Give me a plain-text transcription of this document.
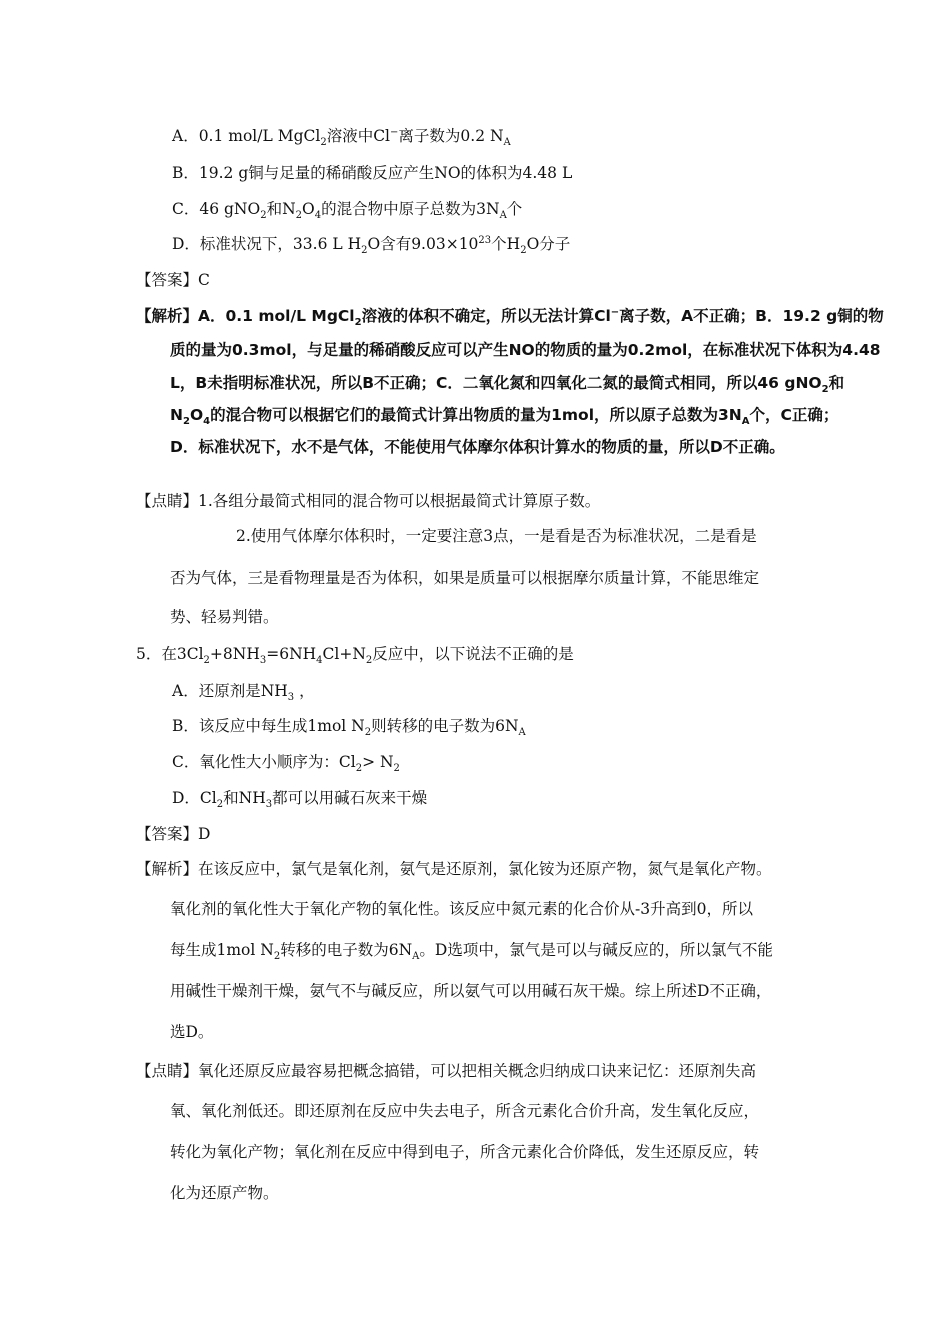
A．0.1 mol/L MgCl$_2$溶液中Cl−离子数为0.2 $N_A$
B．19.2 g铜与足量的稀硝酸反应产生NO的体积为4.48 L
C．46 gNO$_2$和$N_2O_4$的混合物中原子总数为$3N_A$个
D．标准状况下，33.6 L $H_2O$含有$9.03\times 10^{23}$个$H_2O$分子
【答案】C
【解析】A．0.1 mol/L MgCl$_2$溶液的体积不确定，所以无法计算Cl−离子数，A不正确；B．19.2 g铜的物
质的量为0.3mol，与足量的稀硝酸反应可以产生NO的物质的量为0.2mol，在标准状况下体积为4.48
L，B未指明标准状况，所以B不正确；C．二氧化氮和四氧化二氮的最简式相同，所以46 gNO$_2$和
$N_2O_4$的混合物可以根据它们的最简式计算出物质的量为1mol，所以原子总数为$3N_A$个，C正确；
D．标准状况下，水不是气体，不能使用气体摩尔体积计算水的物质的量，所以D不正确。
【点睛】1.各组分最简式相同的混合物可以根据最简式计算原子数。
2.使用气体摩尔体积时，一定要注意3点，一是看是否为标准状况，二是看是
否为气体，三是看物理量是否为体积，如果是质量可以根据摩尔质量计算，不能思维定
势、轻易判错。
5．在$3Cl_2+8NH_3=6NH_4Cl+N_2$反应中，以下说法不正确的是
A．还原剂是$NH_3$ ，
B．该反应中每生成1mol $N_2$则转移的电子数为$6N_A$
C．氧化性大小顺序为：$Cl_2> N_2$
D．$Cl_2$和$NH_3$都可以用碱石灰来干燥
【答案】D
【解析】在该反应中，氯气是氧化剂，氨气是还原剂，氯化铵为还原产物，氮气是氧化产物。
氧化剂的氧化性大于氧化产物的氧化性。该反应中氮元素的化合价从-3升高到0，所以
每生成1mol $N_2$转移的电子数为$6N_A$。D选项中，氯气是可以与碱反应的，所以氯气不能
用碱性干燥剂干燥，氨气不与碱反应，所以氨气可以用碱石灰干燥。综上所述D不正确，
选D。
【点睛】氧化还原反应最容易把概念搞错，可以把相关概念归纳成口诀来记忆：还原剂失高
氧、氧化剂低还。即还原剂在反应中失去电子，所含元素化合价升高，发生氧化反应，
转化为氧化产物；氧化剂在反应中得到电子，所含元素化合价降低，发生还原反应，转
化为还原产物。
